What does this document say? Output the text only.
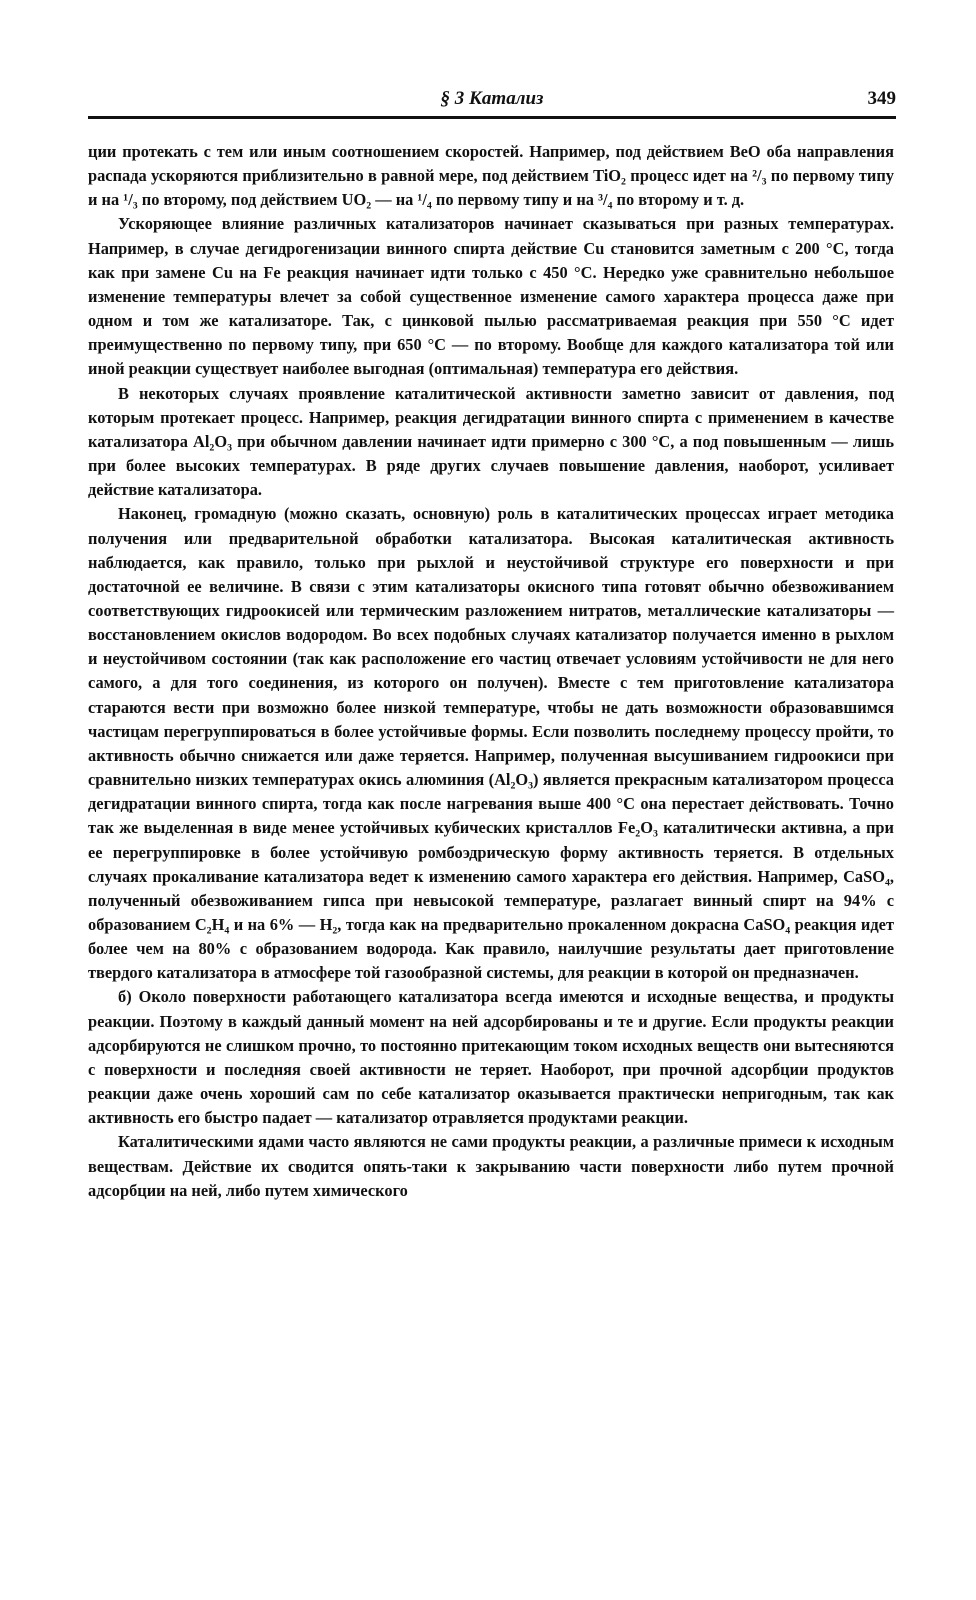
§ 3 Катализ	349

ции протекать с тем или иным соотношением скоростей. Например, под действием BeO оба направления распада ускоряются приблизительно в равной мере, под действием TiO₂ процесс идет на ²/₃ по первому типу и на ¹/₃ по второму, под действием UO₂ — на ¹/₄ по первому типу и на ³/₄ по второму и т. д.

Ускоряющее влияние различных катализаторов начинает сказываться при разных температурах. Например, в случае дегидрогенизации винного спирта действие Cu становится заметным с 200 °C, тогда как при замене Cu на Fe реакция начинает идти только с 450 °C. Нередко уже сравнительно небольшое изменение температуры влечет за собой существенное изменение самого характера процесса даже при одном и том же катализаторе. Так, с цинковой пылью рассматриваемая реакция при 550 °C идет преимущественно по первому типу, при 650 °C — по второму. Вообще для каждого катализатора той или иной реакции существует наиболее выгодная (оптимальная) температура его действия.

В некоторых случаях проявление каталитической активности заметно зависит от давления, под которым протекает процесс. Например, реакция дегидратации винного спирта с применением в качестве катализатора Al₂O₃ при обычном давлении начинает идти примерно с 300 °C, а под повышенным — лишь при более высоких температурах. В ряде других случаев повышение давления, наоборот, усиливает действие катализатора.

Наконец, громадную (можно сказать, основную) роль в каталитических процессах играет методика получения или предварительной обработки катализатора. Высокая каталитическая активность наблюдается, как правило, только при рыхлой и неустойчивой структуре его поверхности и при достаточной ее величине. В связи с этим катализаторы окисного типа готовят обычно обезвоживанием соответствующих гидроокисей или термическим разложением нитратов, металлические катализаторы — восстановлением окислов водородом. Во всех подобных случаях катализатор получается именно в рыхлом и неустойчивом состоянии (так как расположение его частиц отвечает условиям устойчивости не для него самого, а для того соединения, из которого он получен). Вместе с тем приготовление катализатора стараются вести при возможно более низкой температуре, чтобы не дать возможности образовавшимся частицам перегруппироваться в более устойчивые формы. Если позволить последнему процессу пройти, то активность обычно снижается или даже теряется. Например, полученная высушиванием гидроокиси при сравнительно низких температурах окись алюминия (Al₂O₃) является прекрасным катализатором процесса дегидратации винного спирта, тогда как после нагревания выше 400 °C она перестает действовать. Точно так же выделенная в виде менее устойчивых кубических кристаллов Fe₂O₃ каталитически активна, а при ее перегруппировке в более устойчивую ромбоэдрическую форму активность теряется. В отдельных случаях прокаливание катализатора ведет к изменению самого характера его действия. Например, CaSO₄, полученный обезвоживанием гипса при невысокой температуре, разлагает винный спирт на 94% с образованием C₂H₄ и на 6% — H₂, тогда как на предварительно прокаленном докрасна CaSO₄ реакция идет более чем на 80% с образованием водорода. Как правило, наилучшие результаты дает приготовление твердого катализатора в атмосфере той газообразной системы, для реакции в которой он предназначен.

б) Около поверхности работающего катализатора всегда имеются и исходные вещества, и продукты реакции. Поэтому в каждый данный момент на ней адсорбированы и те и другие. Если продукты реакции адсорбируются не слишком прочно, то постоянно притекающим током исходных веществ они вытесняются с поверхности и последняя своей активности не теряет. Наоборот, при прочной адсорбции продуктов реакции даже очень хороший сам по себе катализатор оказывается практически непригодным, так как активность его быстро падает — катализатор отравляется продуктами реакции.

Каталитическими ядами часто являются не сами продукты реакции, а различные примеси к исходным веществам. Действие их сводится опять-таки к закрыванию части поверхности либо путем прочной адсорбции на ней, либо путем химического
